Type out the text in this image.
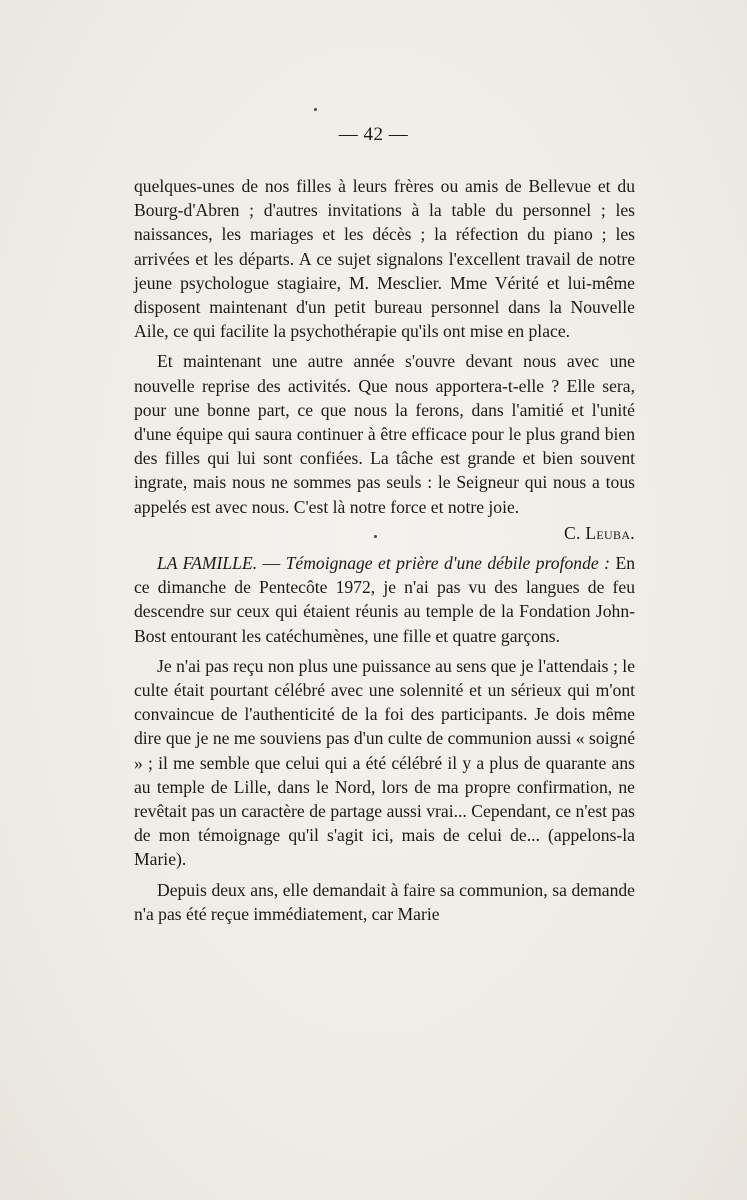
— 42 —

quelques-unes de nos filles à leurs frères ou amis de Bellevue et du Bourg-d'Abren ; d'autres invitations à la table du personnel ; les naissances, les mariages et les décès ; la réfection du piano ; les arrivées et les départs. A ce sujet signalons l'excellent travail de notre jeune psychologue stagiaire, M. Mesclier. Mme Vérité et lui-même disposent maintenant d'un petit bureau personnel dans la Nouvelle Aile, ce qui facilite la psychothérapie qu'ils ont mise en place.

Et maintenant une autre année s'ouvre devant nous avec une nouvelle reprise des activités. Que nous apportera-t-elle ? Elle sera, pour une bonne part, ce que nous la ferons, dans l'amitié et l'unité d'une équipe qui saura continuer à être efficace pour le plus grand bien des filles qui lui sont confiées. La tâche est grande et bien souvent ingrate, mais nous ne sommes pas seuls : le Seigneur qui nous a tous appelés est avec nous. C'est là notre force et notre joie.

C. Leuba.

LA FAMILLE. — Témoignage et prière d'une débile profonde : En ce dimanche de Pentecôte 1972, je n'ai pas vu des langues de feu descendre sur ceux qui étaient réunis au temple de la Fondation John-Bost entourant les catéchumènes, une fille et quatre garçons.

Je n'ai pas reçu non plus une puissance au sens que je l'attendais ; le culte était pourtant célébré avec une solennité et un sérieux qui m'ont convaincue de l'authenticité de la foi des participants. Je dois même dire que je ne me souviens pas d'un culte de communion aussi « soigné » ; il me semble que celui qui a été célébré il y a plus de quarante ans au temple de Lille, dans le Nord, lors de ma propre confirmation, ne revêtait pas un caractère de partage aussi vrai... Cependant, ce n'est pas de mon témoignage qu'il s'agit ici, mais de celui de... (appelons-la Marie).

Depuis deux ans, elle demandait à faire sa communion, sa demande n'a pas été reçue immédiatement, car Marie
